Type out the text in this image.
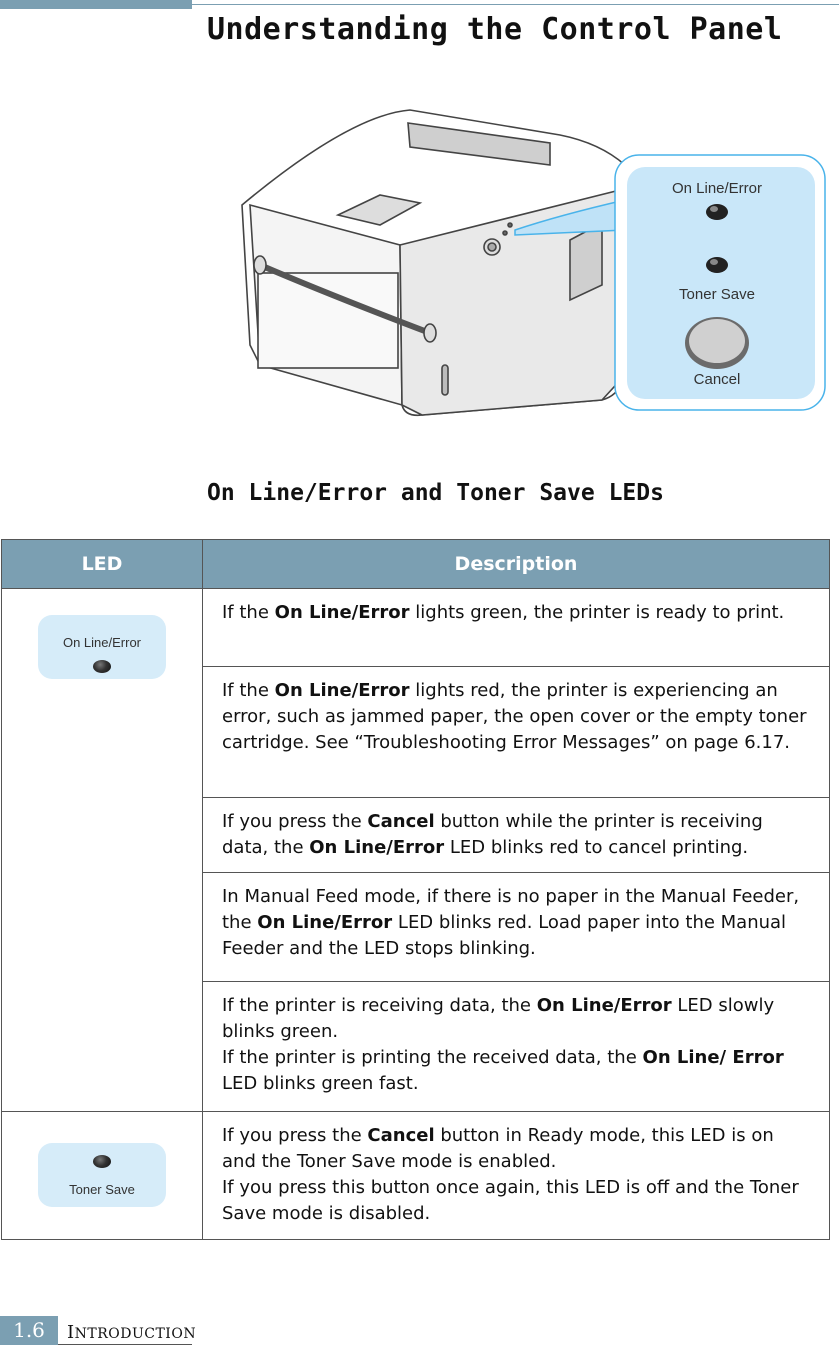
Understanding the Control Panel
On Line/Error
Toner Save
Cancel
On Line/Error and Toner Save LEDs
LED	Description

On Line/Error	If the On Line/Error lights green, the printer is ready to print.
	If the On Line/Error lights red, the printer is experiencing an error, such as jammed paper, the open cover or the empty toner cartridge. See “Troubleshooting Error Messages” on page 6.17.
	If you press the Cancel button while the printer is receiving data, the On Line/Error LED blinks red to cancel printing.
	In Manual Feed mode, if there is no paper in the Manual Feeder, the On Line/Error LED blinks red. Load paper into the Manual Feeder and the LED stops blinking.

	If the printer is receiving data, the On Line/Error LED slowly blinks green.
If the printer is printing the received data, the On Line/ Error LED blinks green fast.

Toner Save	If you press the Cancel button in Ready mode, this LED is on and the Toner Save mode is enabled.
If you press this button once again, this LED is off and the Toner Save mode is disabled.
1.6	INTRODUCTION
